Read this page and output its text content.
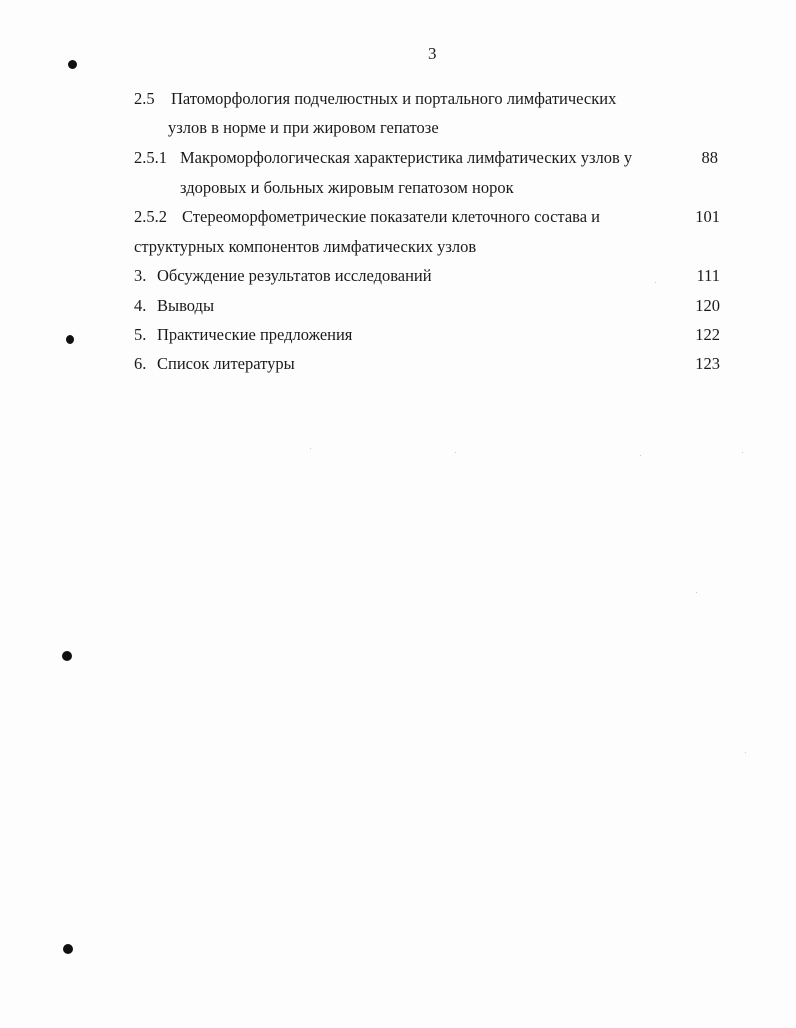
3
2.5 Патоморфология подчелюстных и портального лимфатических
узлов в норме и при жировом гепатозе
2.5.1 Макроморфологическая характеристика лимфатических узлов у	88
здоровых и больных жировым гепатозом норок
2.5.2 Стереоморфометрические показатели клеточного состава и	101
структурных компонентов лимфатических узлов
3. Обсуждение результатов исследований	111
4. Выводы	120
5. Практические предложения	122
6. Список литературы	123
